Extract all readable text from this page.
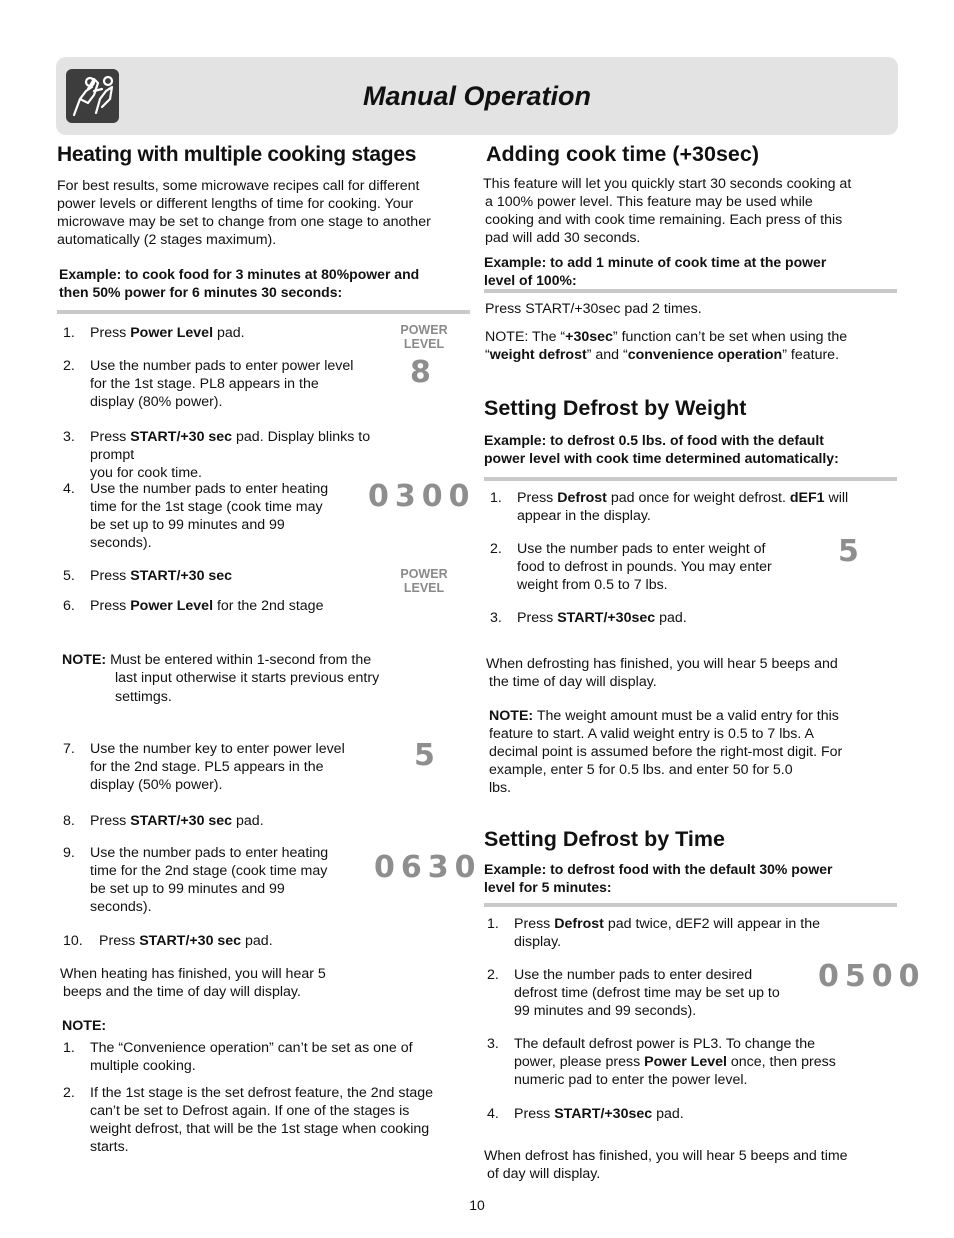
Manual Operation
Heating with multiple cooking stages

For best results, some microwave recipes call for different

power levels or different lengths of time for cooking. Your

microwave may be set to change from one stage to another

automatically (2 stages maximum).

Example: to cook food for 3 minutes at 80%power and

then 50% power for 6 minutes 30 seconds:

1. Press Power Level pad.
2. Use the number pads to enter power level
for the 1st stage. PL8 appears in the
display (80% power).
3. Press START/+30 sec pad. Display blinks to prompt
you for cook time.
4. Use the number pads to enter heating
time for the 1st stage (cook time may
be set up to 99 minutes and 99
seconds).
5. Press START/+30 sec
6. Press Power Level for the 2nd stage
7. Use the number key to enter power level
for the 2nd stage. PL5 appears in the
display (50% power).
8. Press START/+30 sec pad.
9. Use the number pads to enter heating
time for the 2nd stage (cook time may
be set up to 99 minutes and 99
seconds).
10. Press START/+30 sec pad.
POWER
LEVEL
8
0300
POWER
LEVEL
5
0630
NOTE: Must be entered within 1-second from the
last input otherwise it starts previous entry
settimgs.

When heating has finished, you will hear 5

beeps and the time of day will display.

NOTE:
1. The “Convenience operation” can’t be set as one of
multiple cooking.
2. If the 1st stage is the set defrost feature, the 2nd stage
can’t be set to Defrost again. If one of the stages is
weight defrost, that will be the 1st stage when cooking
starts.
Adding cook time (+30sec)

This feature will let you quickly start 30 seconds cooking at

a 100% power level. This feature may be used while

cooking and with cook time remaining. Each press of this

pad will add 30 seconds.

Example: to add 1 minute of cook time at the power

level of 100%:

Press START/+30sec pad 2 times.
NOTE: The “+30sec” function can’t be set when using the
“weight defrost” and “convenience operation” feature.
Setting Defrost by Weight

Example: to defrost 0.5 lbs. of food with the default

power level with cook time determined automatically:

1. Press Defrost pad once for weight defrost. dEF1 will
appear in the display.
2. Use the number pads to enter weight of
food to defrost in pounds. You may enter
weight from 0.5 to 7 lbs.
3. Press START/+30sec pad.
5

When defrosting has finished, you will hear 5 beeps and

the time of day will display.

NOTE: The weight amount must be a valid entry for this

feature to start. A valid weight entry is 0.5 to 7 lbs. A

decimal point is assumed before the right-most digit. For

example, enter 5 for 0.5 lbs. and enter 50 for 5.0

lbs.

Setting Defrost by Time

Example: to defrost food with the default 30% power

level for 5 minutes:

1. Press Defrost pad twice, dEF2 will appear in the
display.
2. Use the number pads to enter desired
defrost time (defrost time may be set up to
99 minutes and 99 seconds).
3. The default defrost power is PL3. To change the
power, please press Power Level once, then press
numeric pad to enter the power level.
4. Press START/+30sec pad.
0500

When defrost has finished, you will hear 5 beeps and time

of day will display.

10
